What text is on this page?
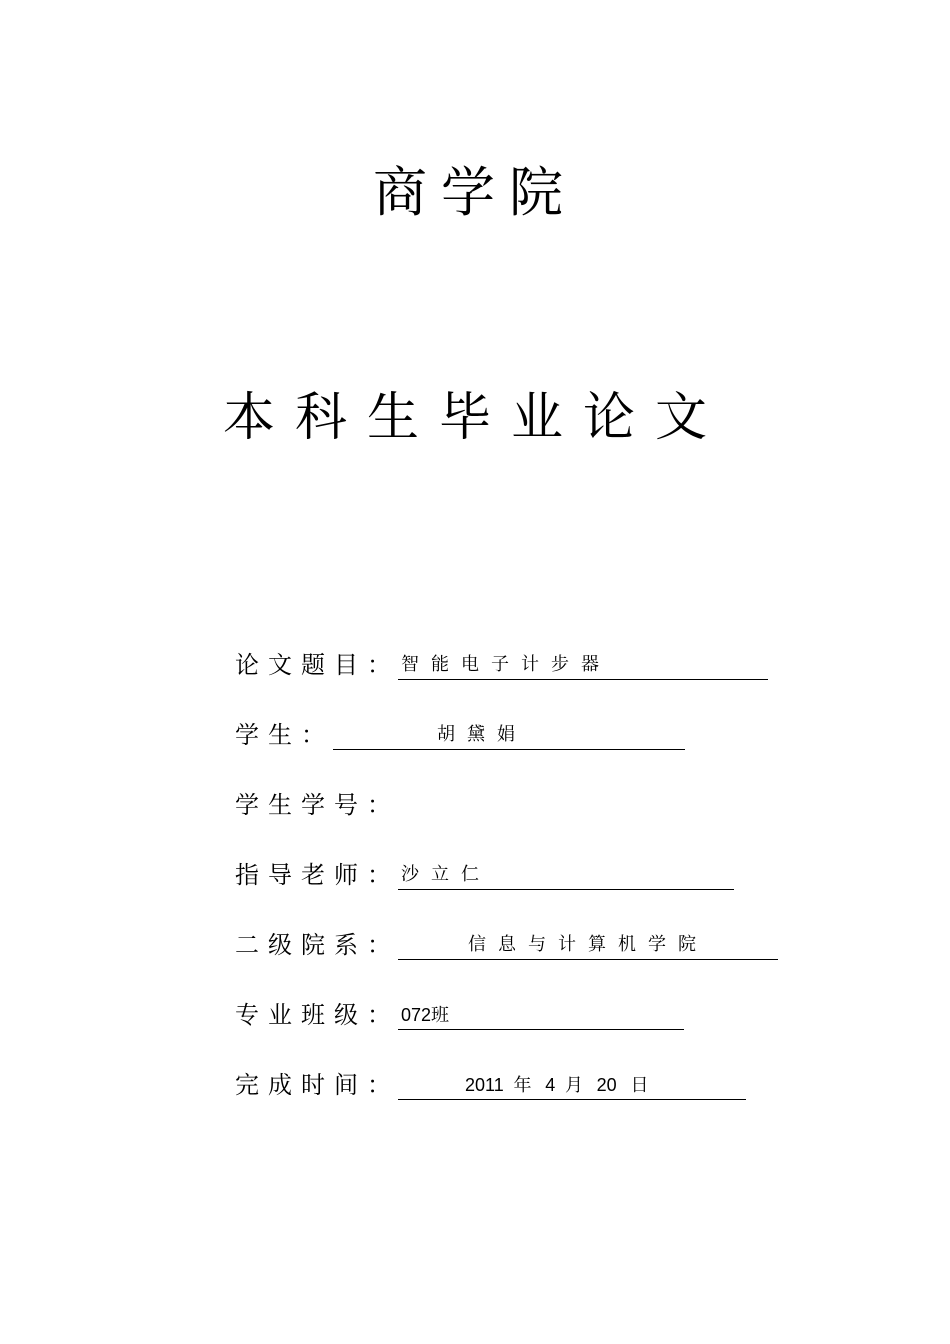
商学院
本科生毕业论文
论文题目： 智能电子计步器
学生：	胡黛娟
学生学号：
指导老师： 沙立仁
二级院系：	信息与计算机学院
专业班级： 072班
完成时间：	2011 年 4 月 20 日
